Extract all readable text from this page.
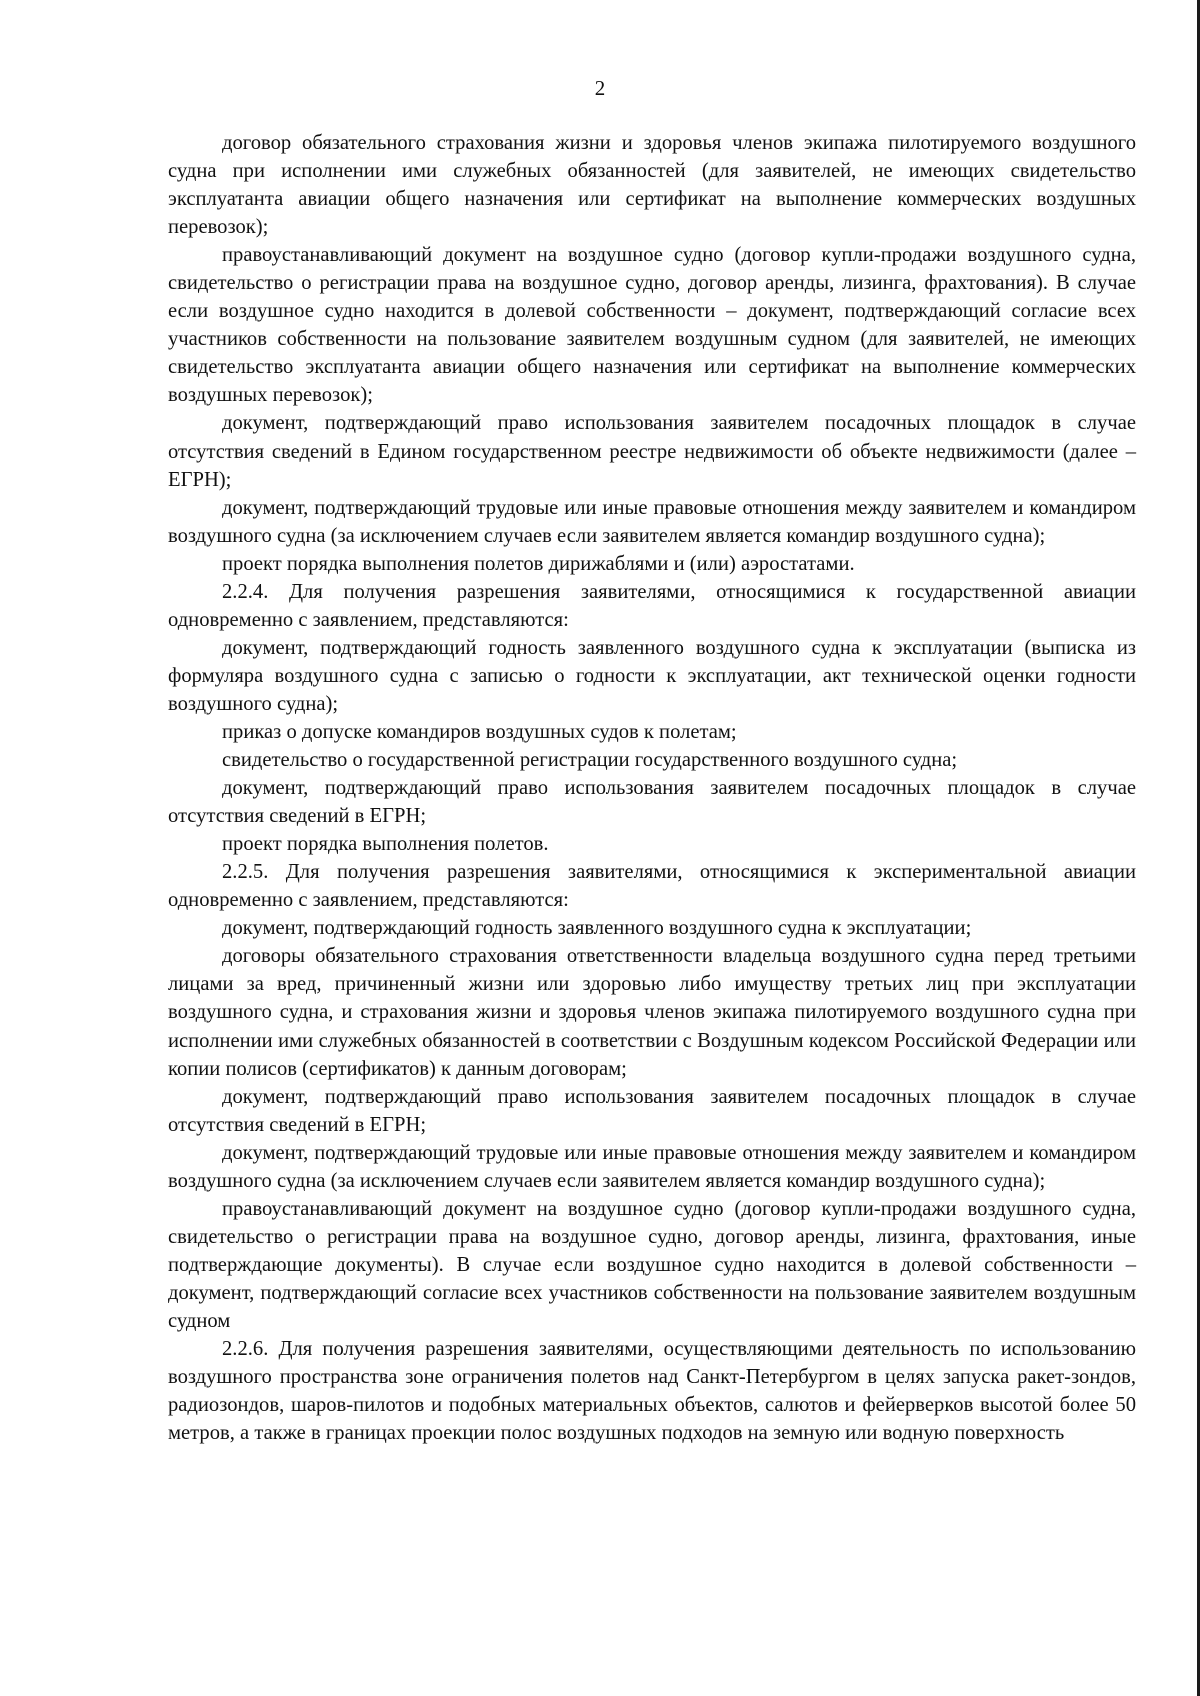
2

договор обязательного страхования жизни и здоровья членов экипажа пилотируемого воздушного судна при исполнении ими служебных обязанностей (для заявителей, не имеющих свидетельство эксплуатанта авиации общего назначения или сертификат на выполнение коммерческих воздушных перевозок);

правоустанавливающий документ на воздушное судно (договор купли-продажи воздушного судна, свидетельство о регистрации права на воздушное судно, договор аренды, лизинга, фрахтования). В случае если воздушное судно находится в долевой собственности – документ, подтверждающий согласие всех участников собственности на пользование заявителем воздушным судном (для заявителей, не имеющих свидетельство эксплуатанта авиации общего назначения или сертификат на выполнение коммерческих воздушных перевозок);

документ, подтверждающий право использования заявителем посадочных площадок в случае отсутствия сведений в Едином государственном реестре недвижимости об объекте недвижимости (далее – ЕГРН);

документ, подтверждающий трудовые или иные правовые отношения между заявителем и командиром воздушного судна (за исключением случаев если заявителем является командир воздушного судна);

проект порядка выполнения полетов дирижаблями и (или) аэростатами.

2.2.4. Для получения разрешения заявителями, относящимися к государственной авиации одновременно с заявлением, представляются:

документ, подтверждающий годность заявленного воздушного судна к эксплуатации (выписка из формуляра воздушного судна с записью о годности к эксплуатации, акт технической оценки годности воздушного судна);

приказ о допуске командиров воздушных судов к полетам;

свидетельство о государственной регистрации государственного воздушного судна;

документ, подтверждающий право использования заявителем посадочных площадок в случае отсутствия сведений в ЕГРН;

проект порядка выполнения полетов.

2.2.5. Для получения разрешения заявителями, относящимися к экспериментальной авиации одновременно с заявлением, представляются:

документ, подтверждающий годность заявленного воздушного судна к эксплуатации;

договоры обязательного страхования ответственности владельца воздушного судна перед третьими лицами за вред, причиненный жизни или здоровью либо имуществу третьих лиц при эксплуатации воздушного судна, и страхования жизни и здоровья членов экипажа пилотируемого воздушного судна при исполнении ими служебных обязанностей в соответствии с Воздушным кодексом Российской Федерации или копии полисов (сертификатов) к данным договорам;

документ, подтверждающий право использования заявителем посадочных площадок в случае отсутствия сведений в ЕГРН;

документ, подтверждающий трудовые или иные правовые отношения между заявителем и командиром воздушного судна (за исключением случаев если заявителем является командир воздушного судна);

правоустанавливающий документ на воздушное судно (договор купли-продажи воздушного судна, свидетельство о регистрации права на воздушное судно, договор аренды, лизинга, фрахтования, иные подтверждающие документы). В случае если воздушное судно находится в долевой собственности – документ, подтверждающий согласие всех участников собственности на пользование заявителем воздушным судном

2.2.6. Для получения разрешения заявителями, осуществляющими деятельность по использованию воздушного пространства зоне ограничения полетов над Санкт-Петербургом в целях запуска ракет-зондов, радиозондов, шаров-пилотов и подобных материальных объектов, салютов и фейерверков высотой более 50 метров, а также в границах проекции полос воздушных подходов на земную или водную поверхность
